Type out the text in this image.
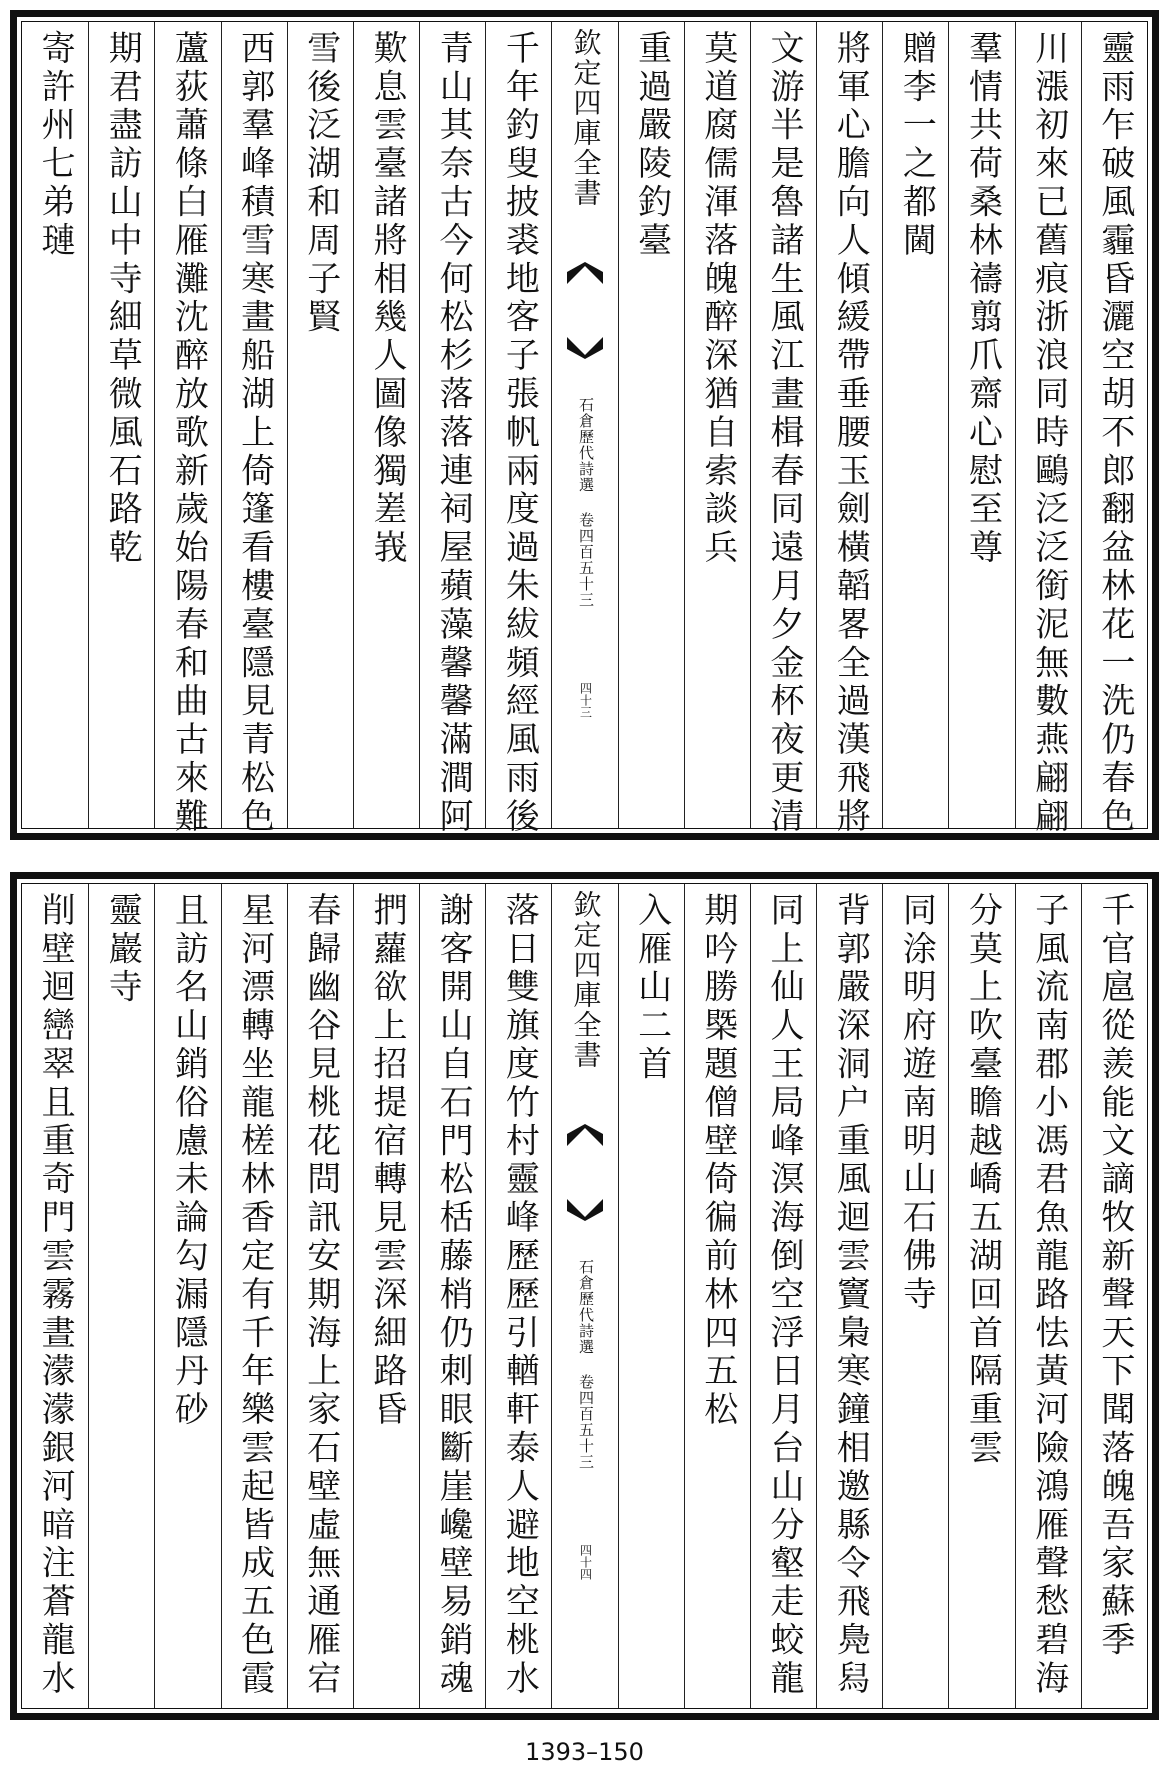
靈雨乍破風霾昏灑空胡不郎翻盆林花一洗仍春色
川漲初來已舊痕浙浪同時鷗泛泛銜泥無數燕翩翩
羣情共荷桑林禱翦爪齋心慰至尊
贈李一之都閫
將軍心膽向人傾緩帶垂腰玉劍橫韜畧全過漢飛將
文游半是魯諸生風江畫楫春同遠月夕金杯夜更清
莫道腐儒渾落魄醉深猶自索談兵
重過嚴陵釣臺
千年釣叟披裘地客子張帆兩度過朱紱頻經風雨後
青山其奈古今何松杉落落連祠屋蘋藻馨馨滿澗阿
歎息雲臺諸將相幾人圖像獨嵳峩
雪後泛湖和周子賢
西郭羣峰積雪寒畫船湖上倚篷看樓臺隱見青松色
蘆荻蕭條白雁灘沈醉放歌新歲始陽春和曲古來難
期君盡訪山中寺細草微風石路乾
寄許州七弟璉	欽定四庫全書
石倉歷代詩選 卷四百五十三
四十三
千官扈從羨能文謫牧新聲天下聞落魄吾家蘇季
子風流南郡小馮君魚龍路怯黃河險鴻雁聲愁碧海
分莫上吹臺瞻越嶠五湖回首隔重雲
同涂明府遊南明山石佛寺
背郭嚴深洞户重風迴雲竇梟寒鐘相邀縣令飛鳧舄
同上仙人王局峰溟海倒空浮日月台山分壑走蛟龍
期吟勝槩題僧壁倚徧前林四五松
入雁山二首
落日雙旗度竹村靈峰歷歷引輶軒泰人避地空桃水
謝客開山自石門松栝藤梢仍刺眼斷崖巉壁易銷魂
捫蘿欲上招提宿轉見雲深細路昏
春歸幽谷見桃花問訊安期海上家石壁虛無通雁宕
星河漂轉坐龍槎林香定有千年樂雲起皆成五色霞
且訪名山銷俗慮未論勾漏隱丹砂
靈巖寺
削壁迴巒翠且重奇門雲霧晝濛濛銀河暗注蒼龍水	欽定四庫全書
石倉歷代詩選 卷四百五十三
四十四
1393–150
